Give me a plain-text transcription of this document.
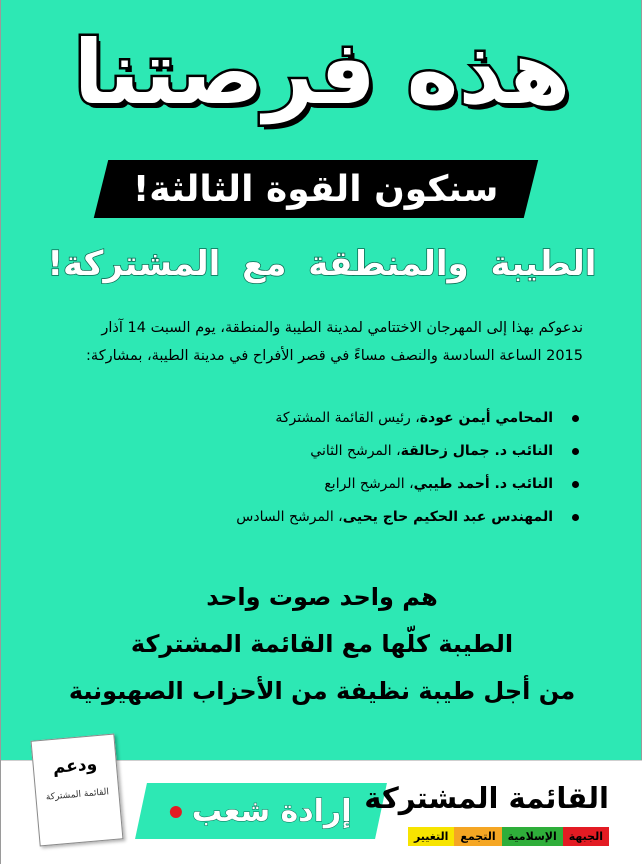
هذه فرصتنا
سنكون القوة الثالثة!
الطيبة والمنطقة مع المشتركة!

ندعوكم بهذا إلى المهرجان الاختتامي لمدينة الطيبة والمنطقة، يوم السبت 14 آذار

2015 الساعة السادسة والنصف مساءً في قصر الأفراح في مدينة الطيبة، بمشاركة:

المحامي أيمن عودة، رئيس القائمة المشتركة
النائب د. جمال زحالقة، المرشح الثاني
النائب د. أحمد طيبي، المرشح الرابع
المهندس عبد الحكيم حاج يحيى، المرشح السادس
هم واحد صوت واحد
الطيبة كلّها مع القائمة المشتركة
من أجل طيبة نظيفة من الأحزاب الصهيونية
ودعم
القائمة المشتركة	إرادة شعب القائمة المشتركة
الجبهة
الإسلامية
التجمع
التغيير
